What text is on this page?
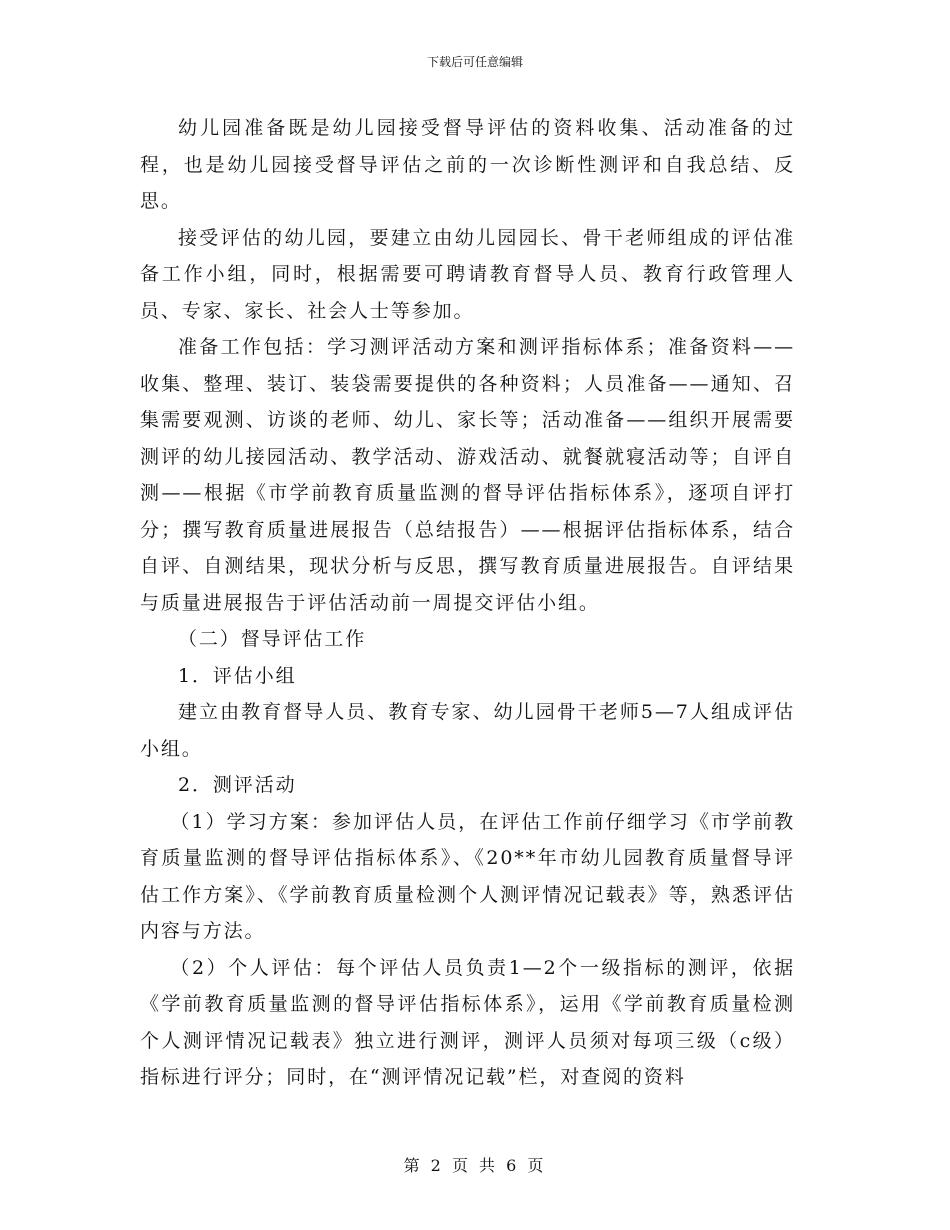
下载后可任意编辑

幼儿园准备既是幼儿园接受督导评估的资料收集、活动准备的过程，也是幼儿园接受督导评估之前的一次诊断性测评和自我总结、反思。

接受评估的幼儿园，要建立由幼儿园园长、骨干老师组成的评估准备工作小组，同时，根据需要可聘请教育督导人员、教育行政管理人员、专家、家长、社会人士等参加。

准备工作包括：学习测评活动方案和测评指标体系；准备资料——收集、整理、装订、装袋需要提供的各种资料；人员准备——通知、召集需要观测、访谈的老师、幼儿、家长等；活动准备——组织开展需要测评的幼儿接园活动、教学活动、游戏活动、就餐就寝活动等；自评自测——根据《市学前教育质量监测的督导评估指标体系》，逐项自评打分；撰写教育质量进展报告（总结报告）——根据评估指标体系，结合自评、自测结果，现状分析与反思，撰写教育质量进展报告。自评结果与质量进展报告于评估活动前一周提交评估小组。

（二）督导评估工作

1．评估小组

建立由教育督导人员、教育专家、幼儿园骨干老师5—7人组成评估小组。

2．测评活动

（1）学习方案：参加评估人员，在评估工作前仔细学习《市学前教育质量监测的督导评估指标体系》、《20**年市幼儿园教育质量督导评估工作方案》、《学前教育质量检测个人测评情况记载表》等，熟悉评估内容与方法。

（2）个人评估：每个评估人员负责1—2个一级指标的测评，依据《学前教育质量监测的督导评估指标体系》，运用《学前教育质量检测个人测评情况记载表》独立进行测评，测评人员须对每项三级（c级）指标进行评分；同时，在“测评情况记载”栏，对查阅的资料

第 2 页 共 6 页
